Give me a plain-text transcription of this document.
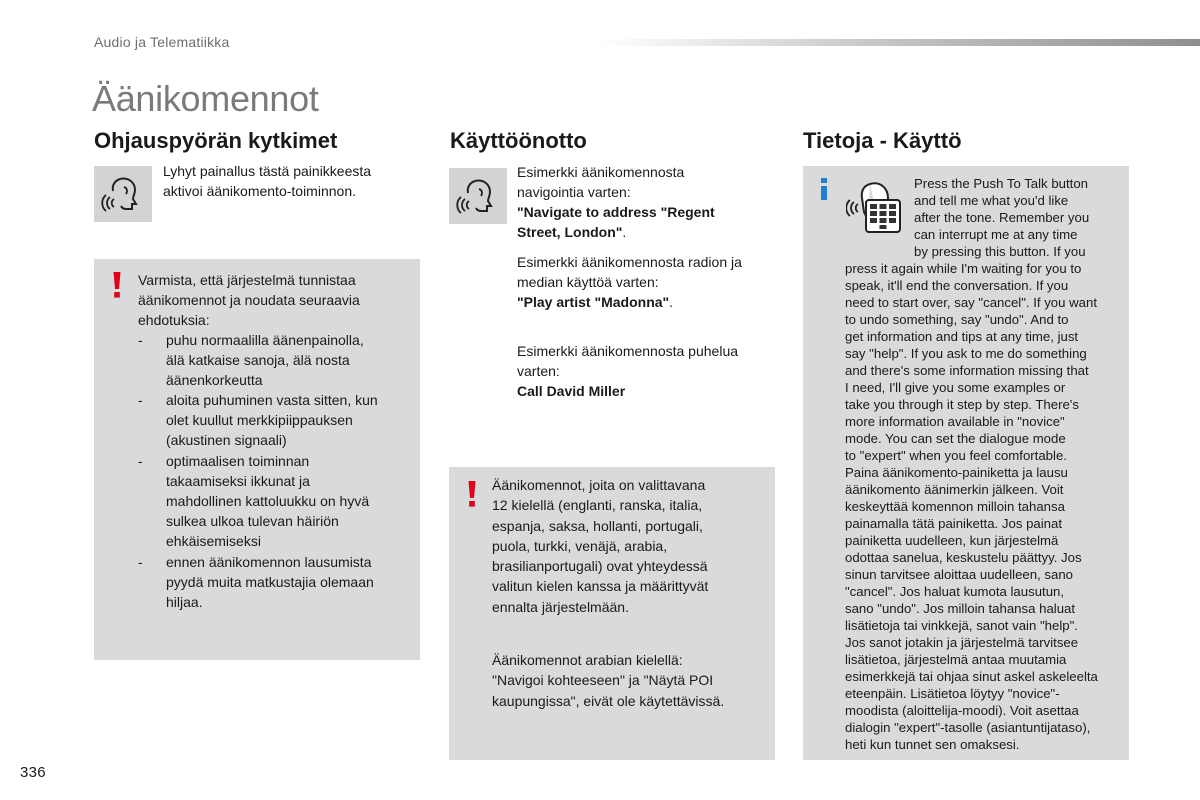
Audio ja Telematiikka
Äänikomennot
Ohjauspyörän kytkimet
Lyhyt painallus tästä painikkeesta
aktivoi äänikomento-toiminnon.
Varmista, että järjestelmä tunnistaa
äänikomennot ja noudata seuraavia
ehdotuksia:
- puhu normaalilla äänenpainolla,
älä katkaise sanoja, älä nosta
äänenkorkeutta
- aloita puhuminen vasta sitten, kun
olet kuullut merkkipiippauksen
(akustinen signaali)
- optimaalisen toiminnan
takaamiseksi ikkunat ja
mahdollinen kattoluukku on hyvä
sulkea ulkoa tulevan häiriön
ehkäisemiseksi
- ennen äänikomennon lausumista
pyydä muita matkustajia olemaan
hiljaa.
Käyttöönotto
Esimerkki äänikomennosta
navigointia varten:
"Navigate to address "Regent
Street, London".
Esimerkki äänikomennosta radion ja
median käyttöä varten:
"Play artist "Madonna".
Esimerkki äänikomennosta puhelua
varten:
Call David Miller
Äänikomennot, joita on valittavana
12 kielellä (englanti, ranska, italia,
espanja, saksa, hollanti, portugali,
puola, turkki, venäjä, arabia,
brasilianportugali) ovat yhteydessä
valitun kielen kanssa ja määrittyvät
ennalta järjestelmään.
Äänikomennot arabian kielellä:
"Navigoi kohteeseen" ja "Näytä POI
kaupungissa", eivät ole käytettävissä.
Tietoja - Käyttö
Press the Push To Talk button
and tell me what you'd like
after the tone. Remember you
can interrupt me at any time
by pressing this button. If you
press it again while I'm waiting for you to
speak, it'll end the conversation. If you
need to start over, say "cancel". If you want
to undo something, say "undo". And to
get information and tips at any time, just
say "help". If you ask to me do something
and there's some information missing that
I need, I'll give you some examples or
take you through it step by step. There's
more information available in "novice"
mode. You can set the dialogue mode
to "expert" when you feel comfortable.
Paina äänikomento-painiketta ja lausu
äänikomento äänimerkin jälkeen. Voit
keskeyttää komennon milloin tahansa
painamalla tätä painiketta. Jos painat
painiketta uudelleen, kun järjestelmä
odottaa sanelua, keskustelu päättyy. Jos
sinun tarvitsee aloittaa uudelleen, sano
"cancel". Jos haluat kumota lausutun,
sano "undo". Jos milloin tahansa haluat
lisätietoja tai vinkkejä, sanot vain "help".
Jos sanot jotakin ja järjestelmä tarvitsee
lisätietoa, järjestelmä antaa muutamia
esimerkkejä tai ohjaa sinut askel askeleelta
eteenpäin. Lisätietoa löytyy "novice"-
moodista (aloittelija-moodi). Voit asettaa
dialogin "expert"-tasolle (asiantuntijataso),
heti kun tunnet sen omaksesi.
336
